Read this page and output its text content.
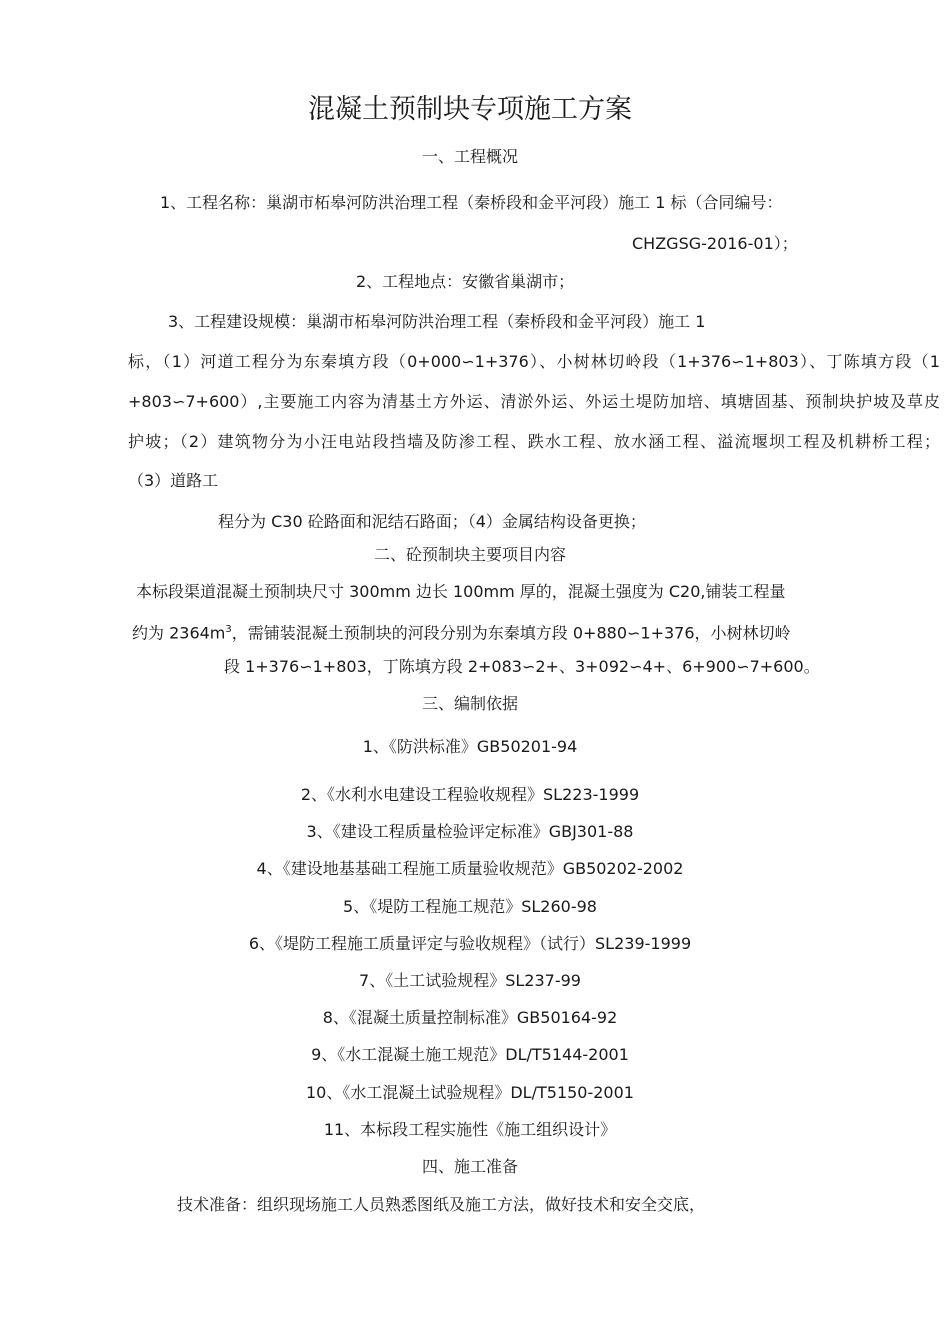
混凝土预制块专项施工方案
一、工程概况
1、工程名称：巢湖市柘皋河防洪治理工程（秦桥段和金平河段）施工 1 标（合同编号：
CHZGSG-2016-01）；
2、工程地点：安徽省巢湖市；
3、工程建设规模：巢湖市柘皋河防洪治理工程（秦桥段和金平河段）施工 1
标，（1）河道工程分为东秦填方段（0+000∽1+376）、小树林切岭段（1+376∽1+803）、丁陈填方段（1
+803∽7+600）,主要施工内容为清基土方外运、清淤外运、外运土堤防加培、填塘固基、预制块护坡及草皮
护坡；（2）建筑物分为小汪电站段挡墙及防渗工程、跌水工程、放水涵工程、溢流堰坝工程及机耕桥工程；
（3）道路工
程分为 C30 砼路面和泥结石路面；（4）金属结构设备更换；
二、砼预制块主要项目内容
本标段渠道混凝土预制块尺寸 300mm 边长 100mm 厚的，混凝土强度为 C20,铺装工程量
约为 $2364m^3$，需铺装混凝土预制块的河段分别为东秦填方段 0+880∽1+376，小树林切岭
段 1+376∽1+803，丁陈填方段 2+083∽2+、3+092∽4+、6+900∽7+600。
三、编制依据
1、《防洪标准》GB50201-94
2、《水利水电建设工程验收规程》SL223-1999
3、《建设工程质量检验评定标准》GBJ301-88
4、《建设地基基础工程施工质量验收规范》GB50202-2002
5、《堤防工程施工规范》SL260-98
6、《堤防工程施工质量评定与验收规程》（试行）SL239-1999
7、《土工试验规程》SL237-99
8、《混凝土质量控制标准》GB50164-92
9、《水工混凝土施工规范》DL/T5144-2001
10、《水工混凝土试验规程》DL/T5150-2001
11、本标段工程实施性《施工组织设计》
四、施工准备
技术准备：组织现场施工人员熟悉图纸及施工方法，做好技术和安全交底，
